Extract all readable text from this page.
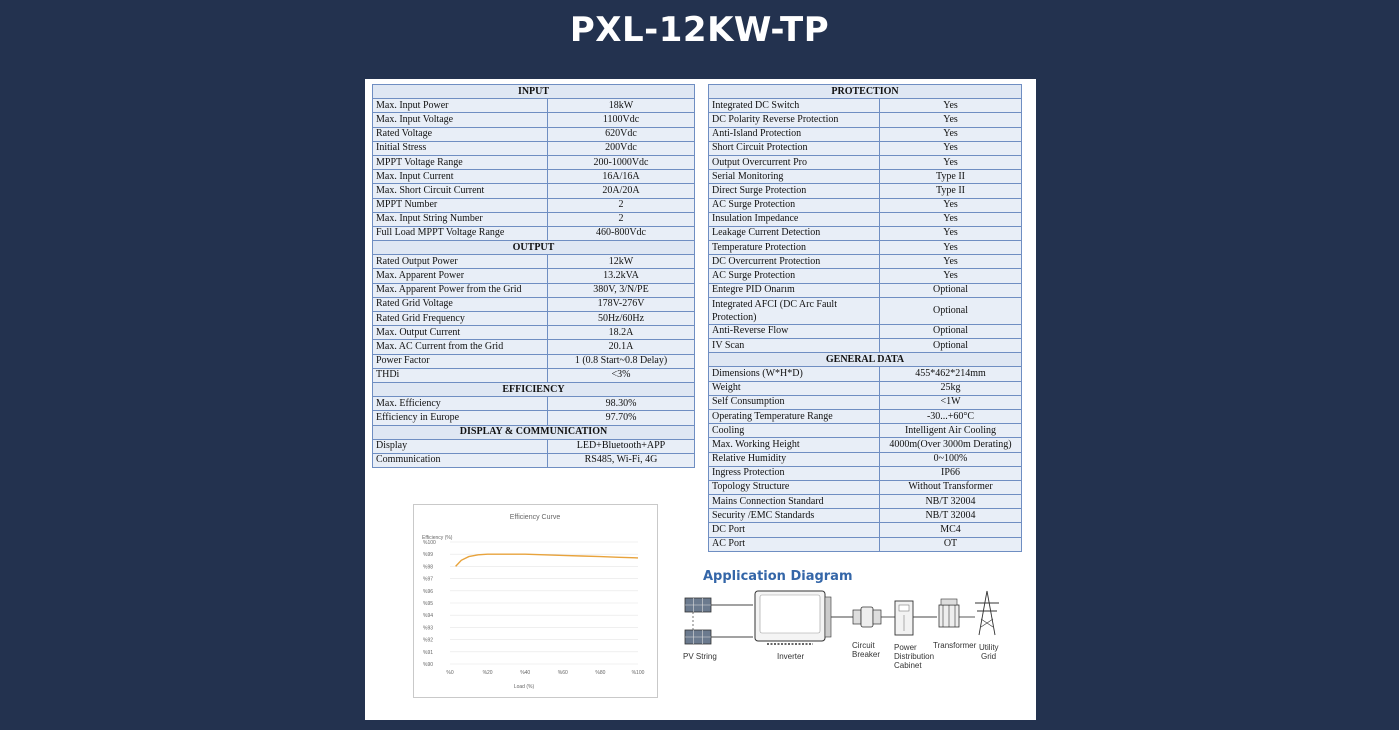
PXL-12KW-TP
INPUT	
Max. Input Power	18kW
Max. Input Voltage	1100Vdc
Rated Voltage	620Vdc
Initial Stress	200Vdc
MPPT Voltage Range	200-1000Vdc
Max. Input Current	16A/16A
Max. Short Circuit Current	20A/20A
MPPT Number	2
Max. Input String Number	2
Full Load MPPT Voltage Range	460-800Vdc
OUTPUT	
Rated Output Power	12kW
Max. Apparent Power	13.2kVA
Max. Apparent Power from the Grid	380V, 3/N/PE
Rated Grid Voltage	178V-276V
Rated Grid Frequency	50Hz/60Hz
Max. Output Current	18.2A
Max. AC Current from the Grid	20.1A
Power Factor	1 (0.8 Start~0.8 Delay)
THDi	<3%
EFFICIENCY	
Max. Efficiency	98.30%
Efficiency in Europe	97.70%
DISPLAY & COMMUNICATION	
Display	LED+Bluetooth+APP
Communication	RS485, Wi-Fi, 4G
PROTECTION	
Integrated DC Switch	Yes
DC Polarity Reverse Protection	Yes
Anti-Island Protection	Yes
Short Circuit Protection	Yes
Output Overcurrent Pro	Yes
Serial Monitoring	Type II
Direct Surge Protection	Type II
AC Surge Protection	Yes
Insulation Impedance	Yes
Leakage Current Detection	Yes
Temperature Protection	Yes
DC Overcurrent Protection	Yes
AC Surge Protection	Yes
Entegre PID Onarım	Optional
Integrated AFCI (DC Arc Fault Protection)	Optional
Anti-Reverse Flow	Optional
IV Scan	Optional
GENERAL DATA	
Dimensions (W*H*D)	455*462*214mm
Weight	25kg
Self Consumption	<1W
Operating Temperature Range	-30...+60°C
Cooling	Intelligent Air Cooling
Max. Working Height	4000m(Over 3000m Derating)
Relative Humidity	0~100%
Ingress Protection	IP66
Topology Structure	Without Transformer
Mains Connection Standard	NB/T 32004
Security /EMC Standards	NB/T 32004
DC Port	MC4
AC Port	OT
Efficiency Curve
Efficiency (%)
Load (%)
%100
%99
%98
%97
%96
%95
%94
%93
%92
%91
%90
%0	%20	%40	%60	%80	%100
Application Diagram
PV String	Inverter
Circuit
Breaker
Power
Distribution
Cabinet
Transformer Utility
Grid
